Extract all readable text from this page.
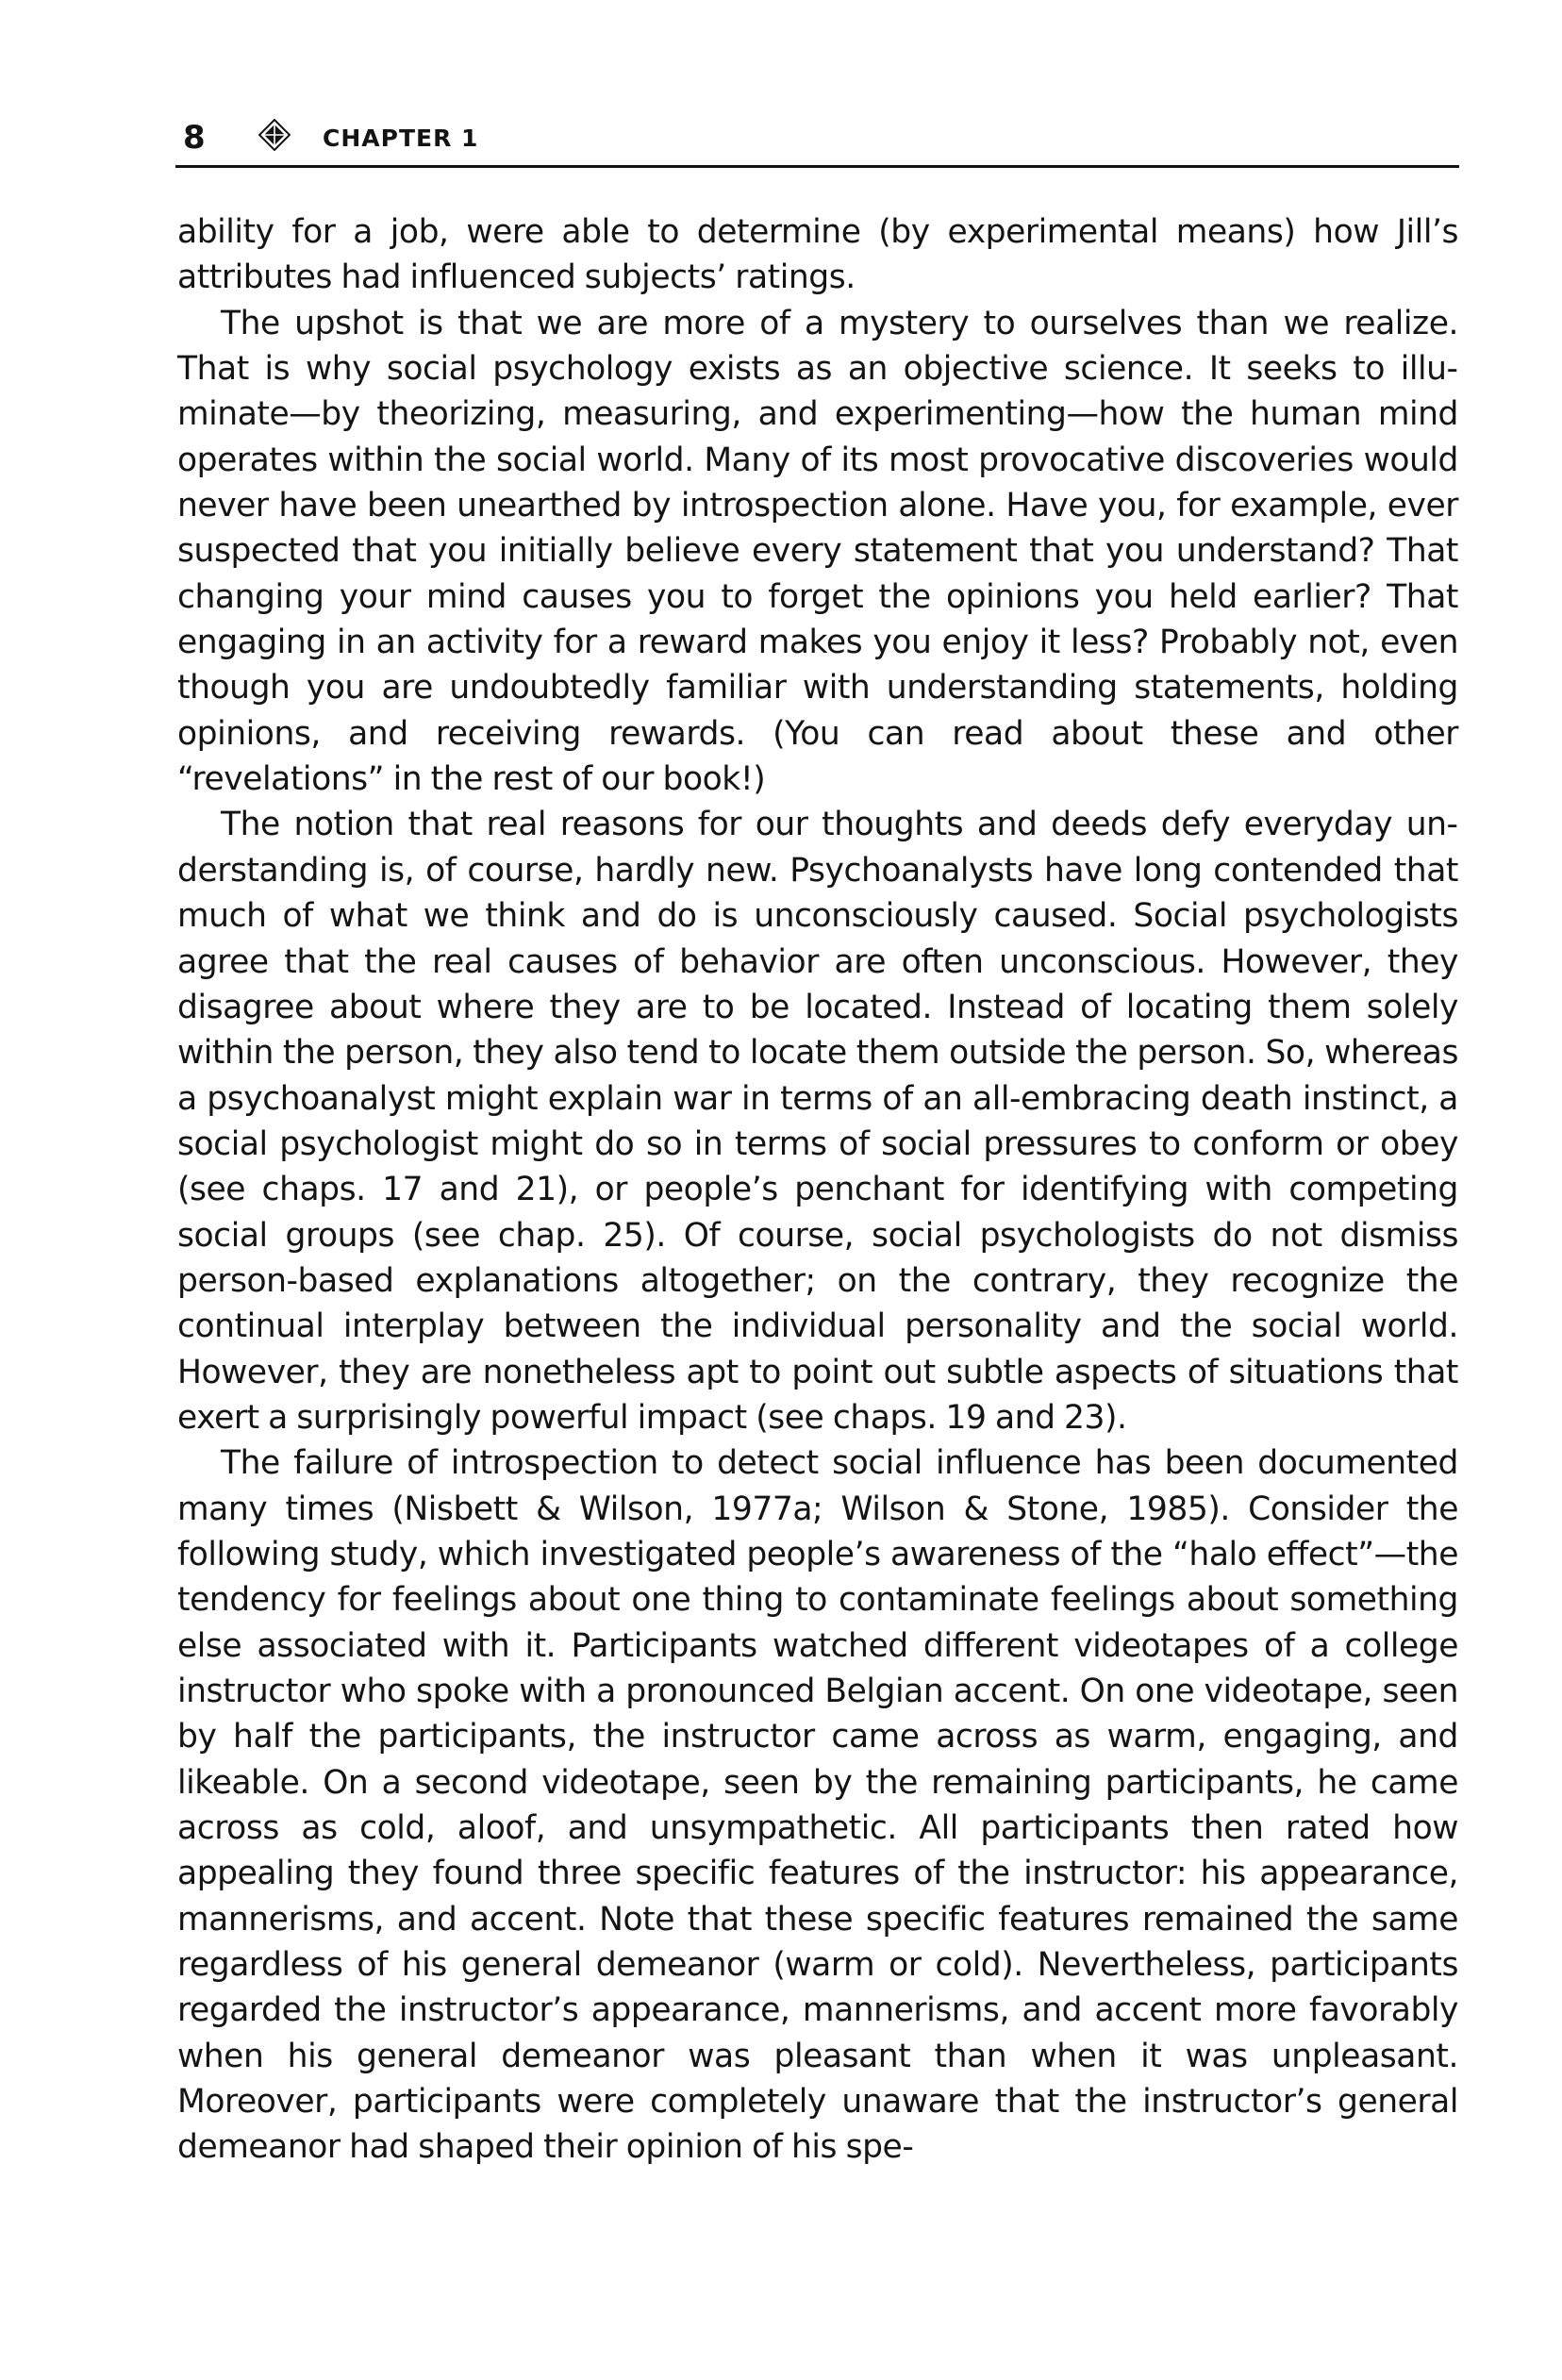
8	CHAPTER 1

ability for a job, were able to determine (by experimental means) how Jill’s attributes had influenced subjects’ ratings.

The upshot is that we are more of a mystery to ourselves than we realize. That is why social psychology exists as an objective science. It seeks to illuminate—by theorizing, measuring, and experimenting—how the human mind operates within the social world. Many of its most provocative discoveries would never have been unearthed by introspection alone. Have you, for example, ever suspected that you initially believe every statement that you understand? That changing your mind causes you to forget the opinions you held earlier? That engaging in an activity for a reward makes you enjoy it less? Probably not, even though you are undoubtedly familiar with understanding statements, holding opinions, and receiving rewards. (You can read about these and other “revelations” in the rest of our book!)

The notion that real reasons for our thoughts and deeds defy everyday understanding is, of course, hardly new. Psychoanalysts have long contended that much of what we think and do is unconsciously caused. Social psychologists agree that the real causes of behavior are often unconscious. However, they disagree about where they are to be located. Instead of locating them solely within the person, they also tend to locate them outside the person. So, whereas a psychoanalyst might explain war in terms of an all-embracing death instinct, a social psychologist might do so in terms of social pressures to conform or obey (see chaps. 17 and 21), or people’s penchant for identifying with competing social groups (see chap. 25). Of course, social psychologists do not dismiss person-based explanations altogether; on the contrary, they recognize the continual interplay between the individual personality and the social world. However, they are nonetheless apt to point out subtle aspects of situations that exert a surprisingly powerful impact (see chaps. 19 and 23).

The failure of introspection to detect social influence has been documented many times (Nisbett & Wilson, 1977a; Wilson & Stone, 1985). Consider the following study, which investigated people’s awareness of the “halo effect”—the tendency for feelings about one thing to contaminate feelings about something else associated with it. Participants watched different videotapes of a college instructor who spoke with a pronounced Belgian accent. On one videotape, seen by half the participants, the instructor came across as warm, engaging, and likeable. On a second videotape, seen by the remaining participants, he came across as cold, aloof, and unsympathetic. All participants then rated how appealing they found three specific features of the instructor: his appearance, mannerisms, and accent. Note that these specific features remained the same regardless of his general demeanor (warm or cold). Nevertheless, participants regarded the instructor’s appearance, mannerisms, and accent more favorably when his general demeanor was pleasant than when it was unpleasant. Moreover, participants were completely unaware that the instructor’s general demeanor had shaped their opinion of his spe-
